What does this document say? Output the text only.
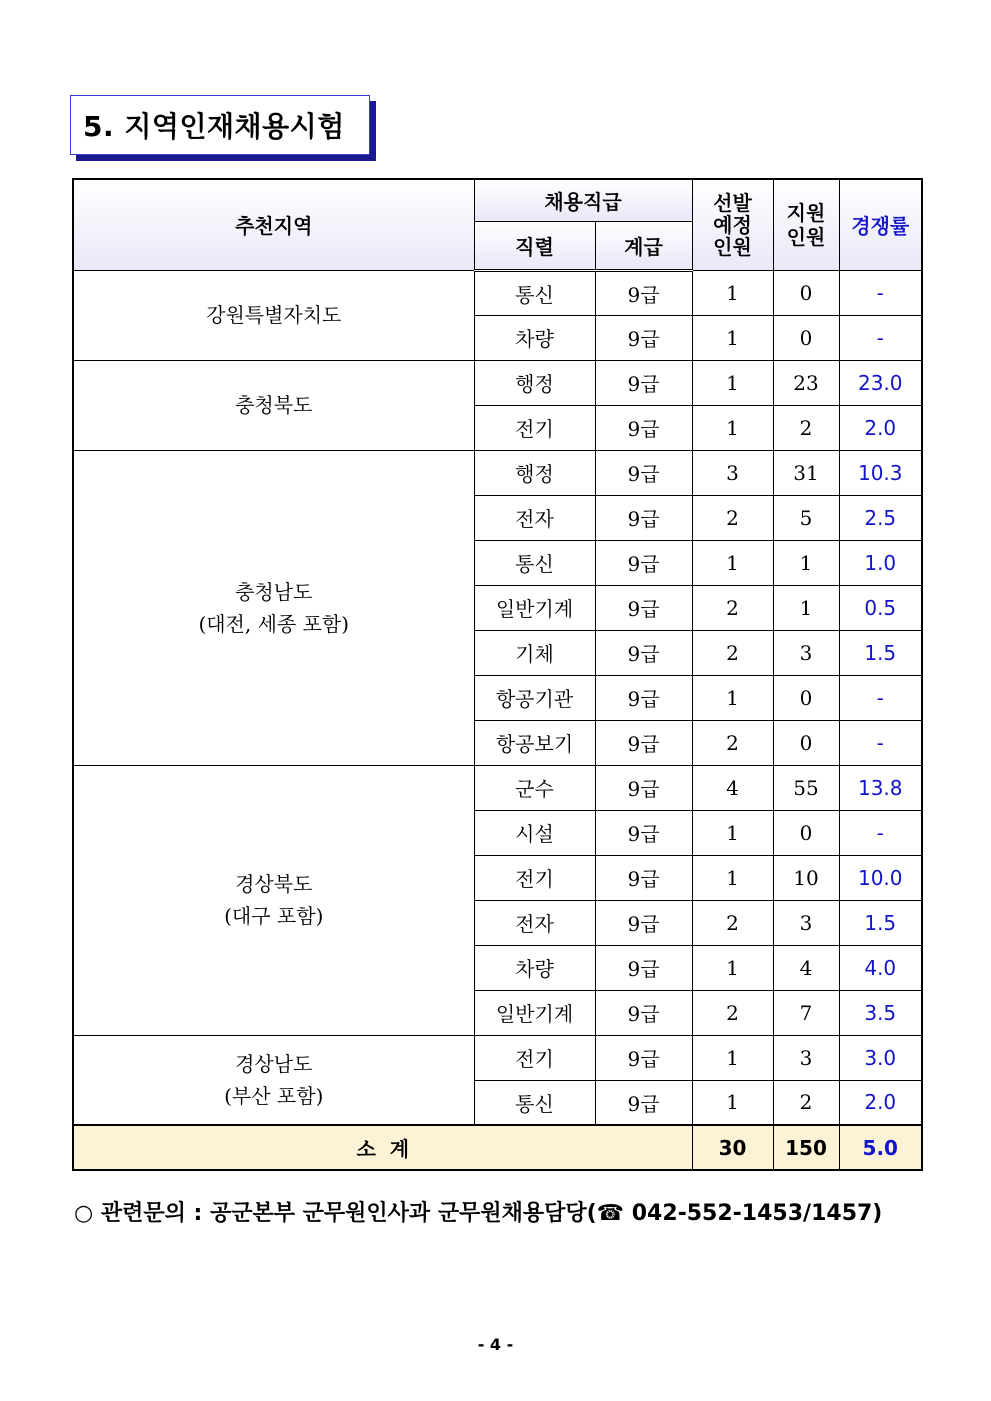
5. 지역인재채용시험
추천지역	채용직급		선발 예정 인원	지원 인원	경쟁률
	직렬	계급			

강원특별자치도	통신	9급	1	0	-
	차량	9급	1	0	-

충청북도	행정	9급	1	23	23.0
	전기	9급	1	2	2.0

충청남도
(대전, 세종 포함)	행정	9급	3	31	10.3
	전자	9급	2	5	2.5
	통신	9급	1	1	1.0
	일반기계	9급	2	1	0.5
	기체	9급	2	3	1.5
	항공기관	9급	1	0	-
	항공보기	9급	2	0	-

경상북도
(대구 포함)	군수	9급	4	55	13.8
	시설	9급	1	0	-
	전기	9급	1	10	10.0
	전자	9급	2	3	1.5
	차량	9급	1	4	4.0
	일반기계	9급	2	7	3.5

경상남도
(부산 포함)	전기	9급	1	3	3.0
	통신	9급	1	2	2.0
소  계			30	150	5.0
○ 관련문의 : 공군본부 군무원인사과 군무원채용담당(☎ 042-552-1453/1457)
- 4 -
